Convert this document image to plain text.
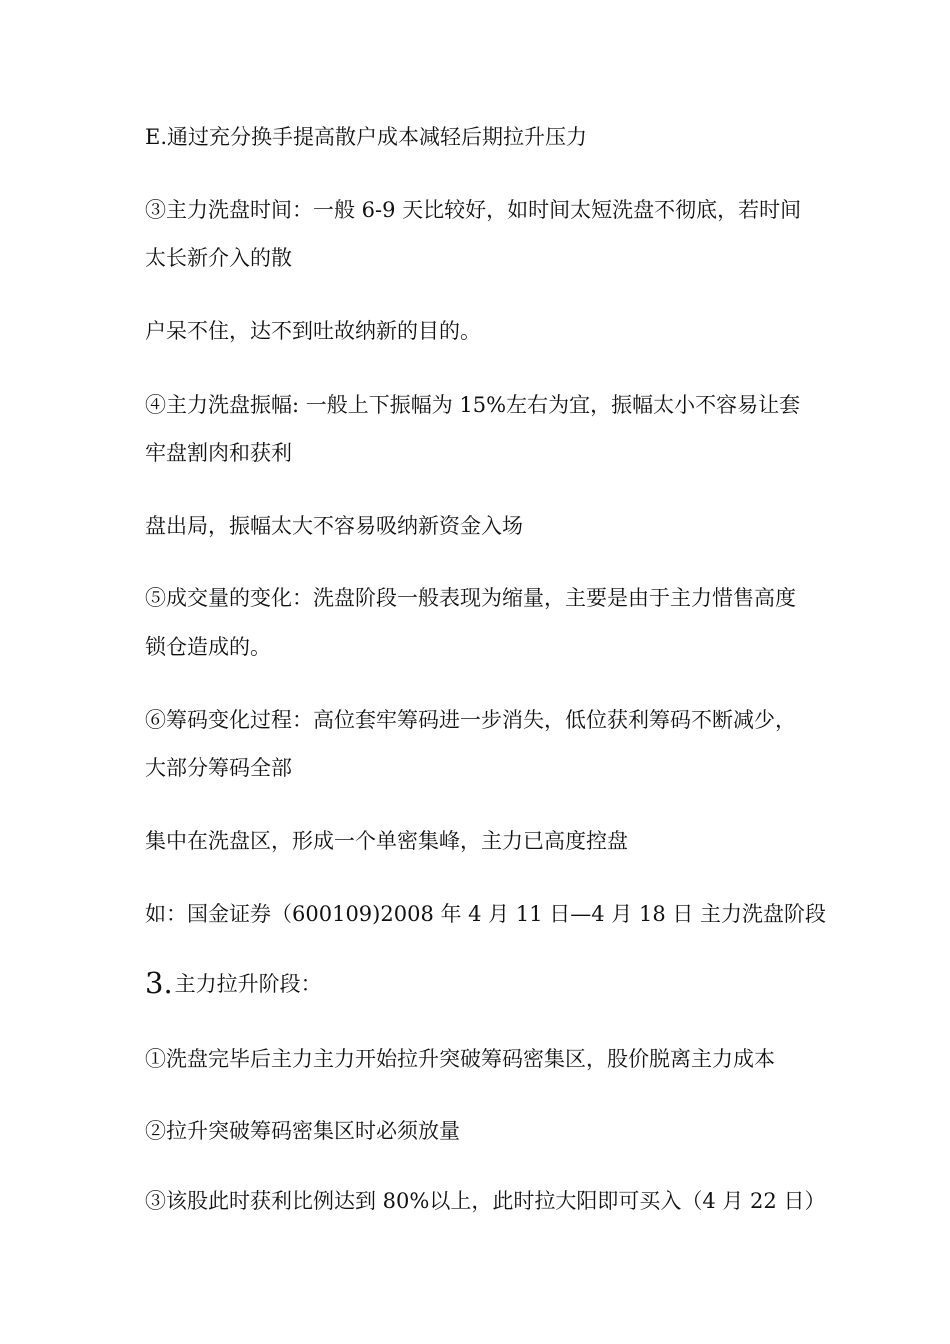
E.通过充分换手提高散户成本减轻后期拉升压力

③主力洗盘时间：一般 6-9 天比较好，如时间太短洗盘不彻底，若时间

太长新介入的散

户呆不住，达不到吐故纳新的目的。

④主力洗盘振幅: 一般上下振幅为 15%左右为宜，振幅太小不容易让套

牢盘割肉和获利

盘出局，振幅太大不容易吸纳新资金入场

⑤成交量的变化：洗盘阶段一般表现为缩量，主要是由于主力惜售高度

锁仓造成的。

⑥筹码变化过程：高位套牢筹码进一步消失，低位获利筹码不断减少，

大部分筹码全部

集中在洗盘区，形成一个单密集峰，主力已高度控盘

如：国金证券（600109)2008 年 4 月 11 日—4 月 18 日 主力洗盘阶段

3.主力拉升阶段：

①洗盘完毕后主力主力开始拉升突破筹码密集区，股价脱离主力成本

②拉升突破筹码密集区时必须放量

③该股此时获利比例达到 80%以上，此时拉大阳即可买入（4 月 22 日）
